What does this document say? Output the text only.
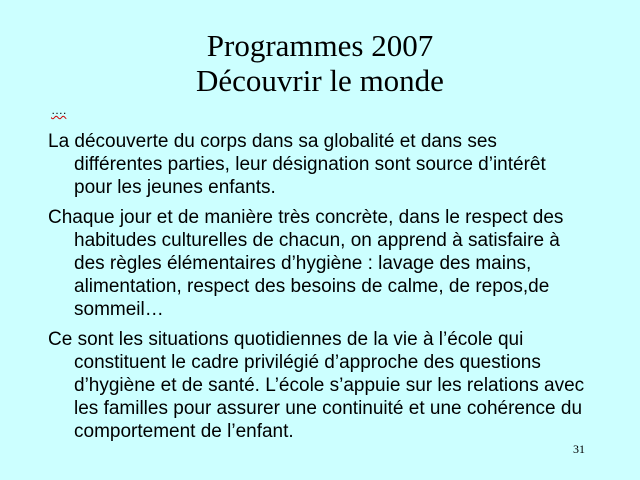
Programmes 2007
Découvrir le monde
….

La découverte du corps dans sa globalité et dans ses différentes parties, leur désignation sont source d’intérêt pour les jeunes enfants.

Chaque jour et de manière très concrète, dans le respect des habitudes culturelles de chacun, on apprend à satisfaire à des règles élémentaires d’hygiène : lavage des mains, alimentation, respect des besoins de calme, de repos,de sommeil…

Ce sont les situations quotidiennes de la vie à l’école qui constituent le cadre privilégié d’approche des questions d’hygiène et de santé. L’école s’appuie sur les relations avec les familles pour assurer une continuité et une cohérence du comportement de l’enfant.

31
